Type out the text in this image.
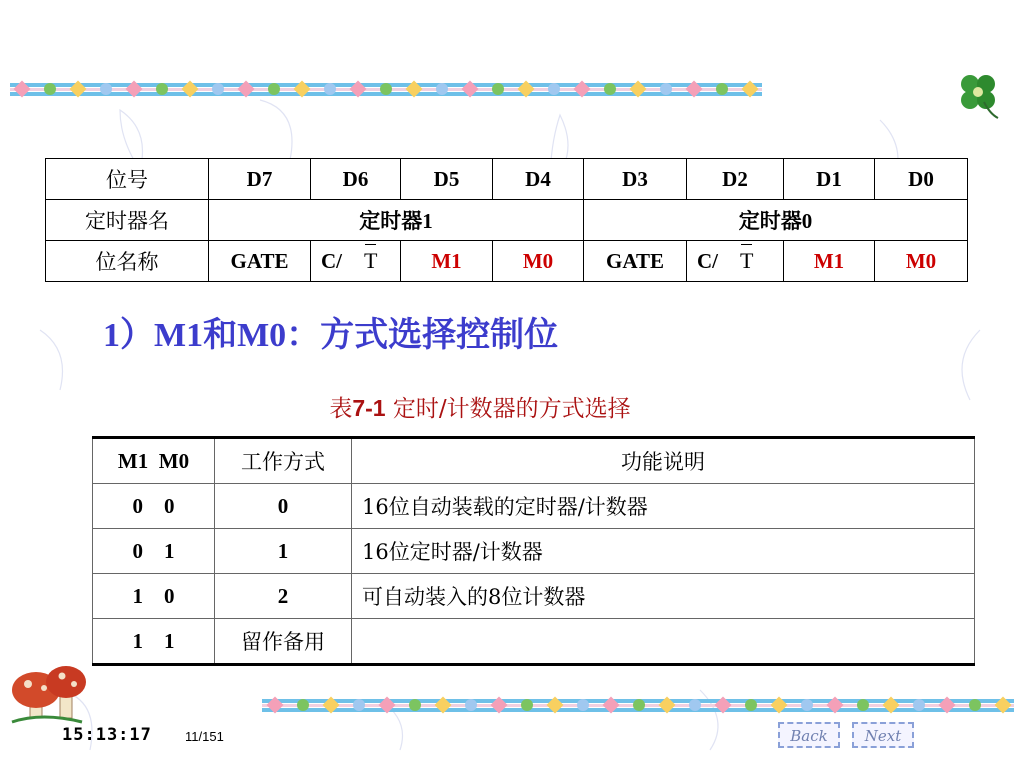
位号	D7	D6	D5	D4	D3	D2	D1	D0
定时器名	定时器1				定时器0			
位名称	GATE	C/ T	M1	M0	GATE	C/ T	M1	M0
1）M1和M0：方式选择控制位
表7-1 定时/计数器的方式选择
M1  M0	工作方式	功能说明
0    0	0	16位自动装载的定时器/计数器
0    1	1	16位定时器/计数器
1    0	2	可自动装入的8位计数器
1    1	留作备用	
15:13:17	11/151	Back	Next
